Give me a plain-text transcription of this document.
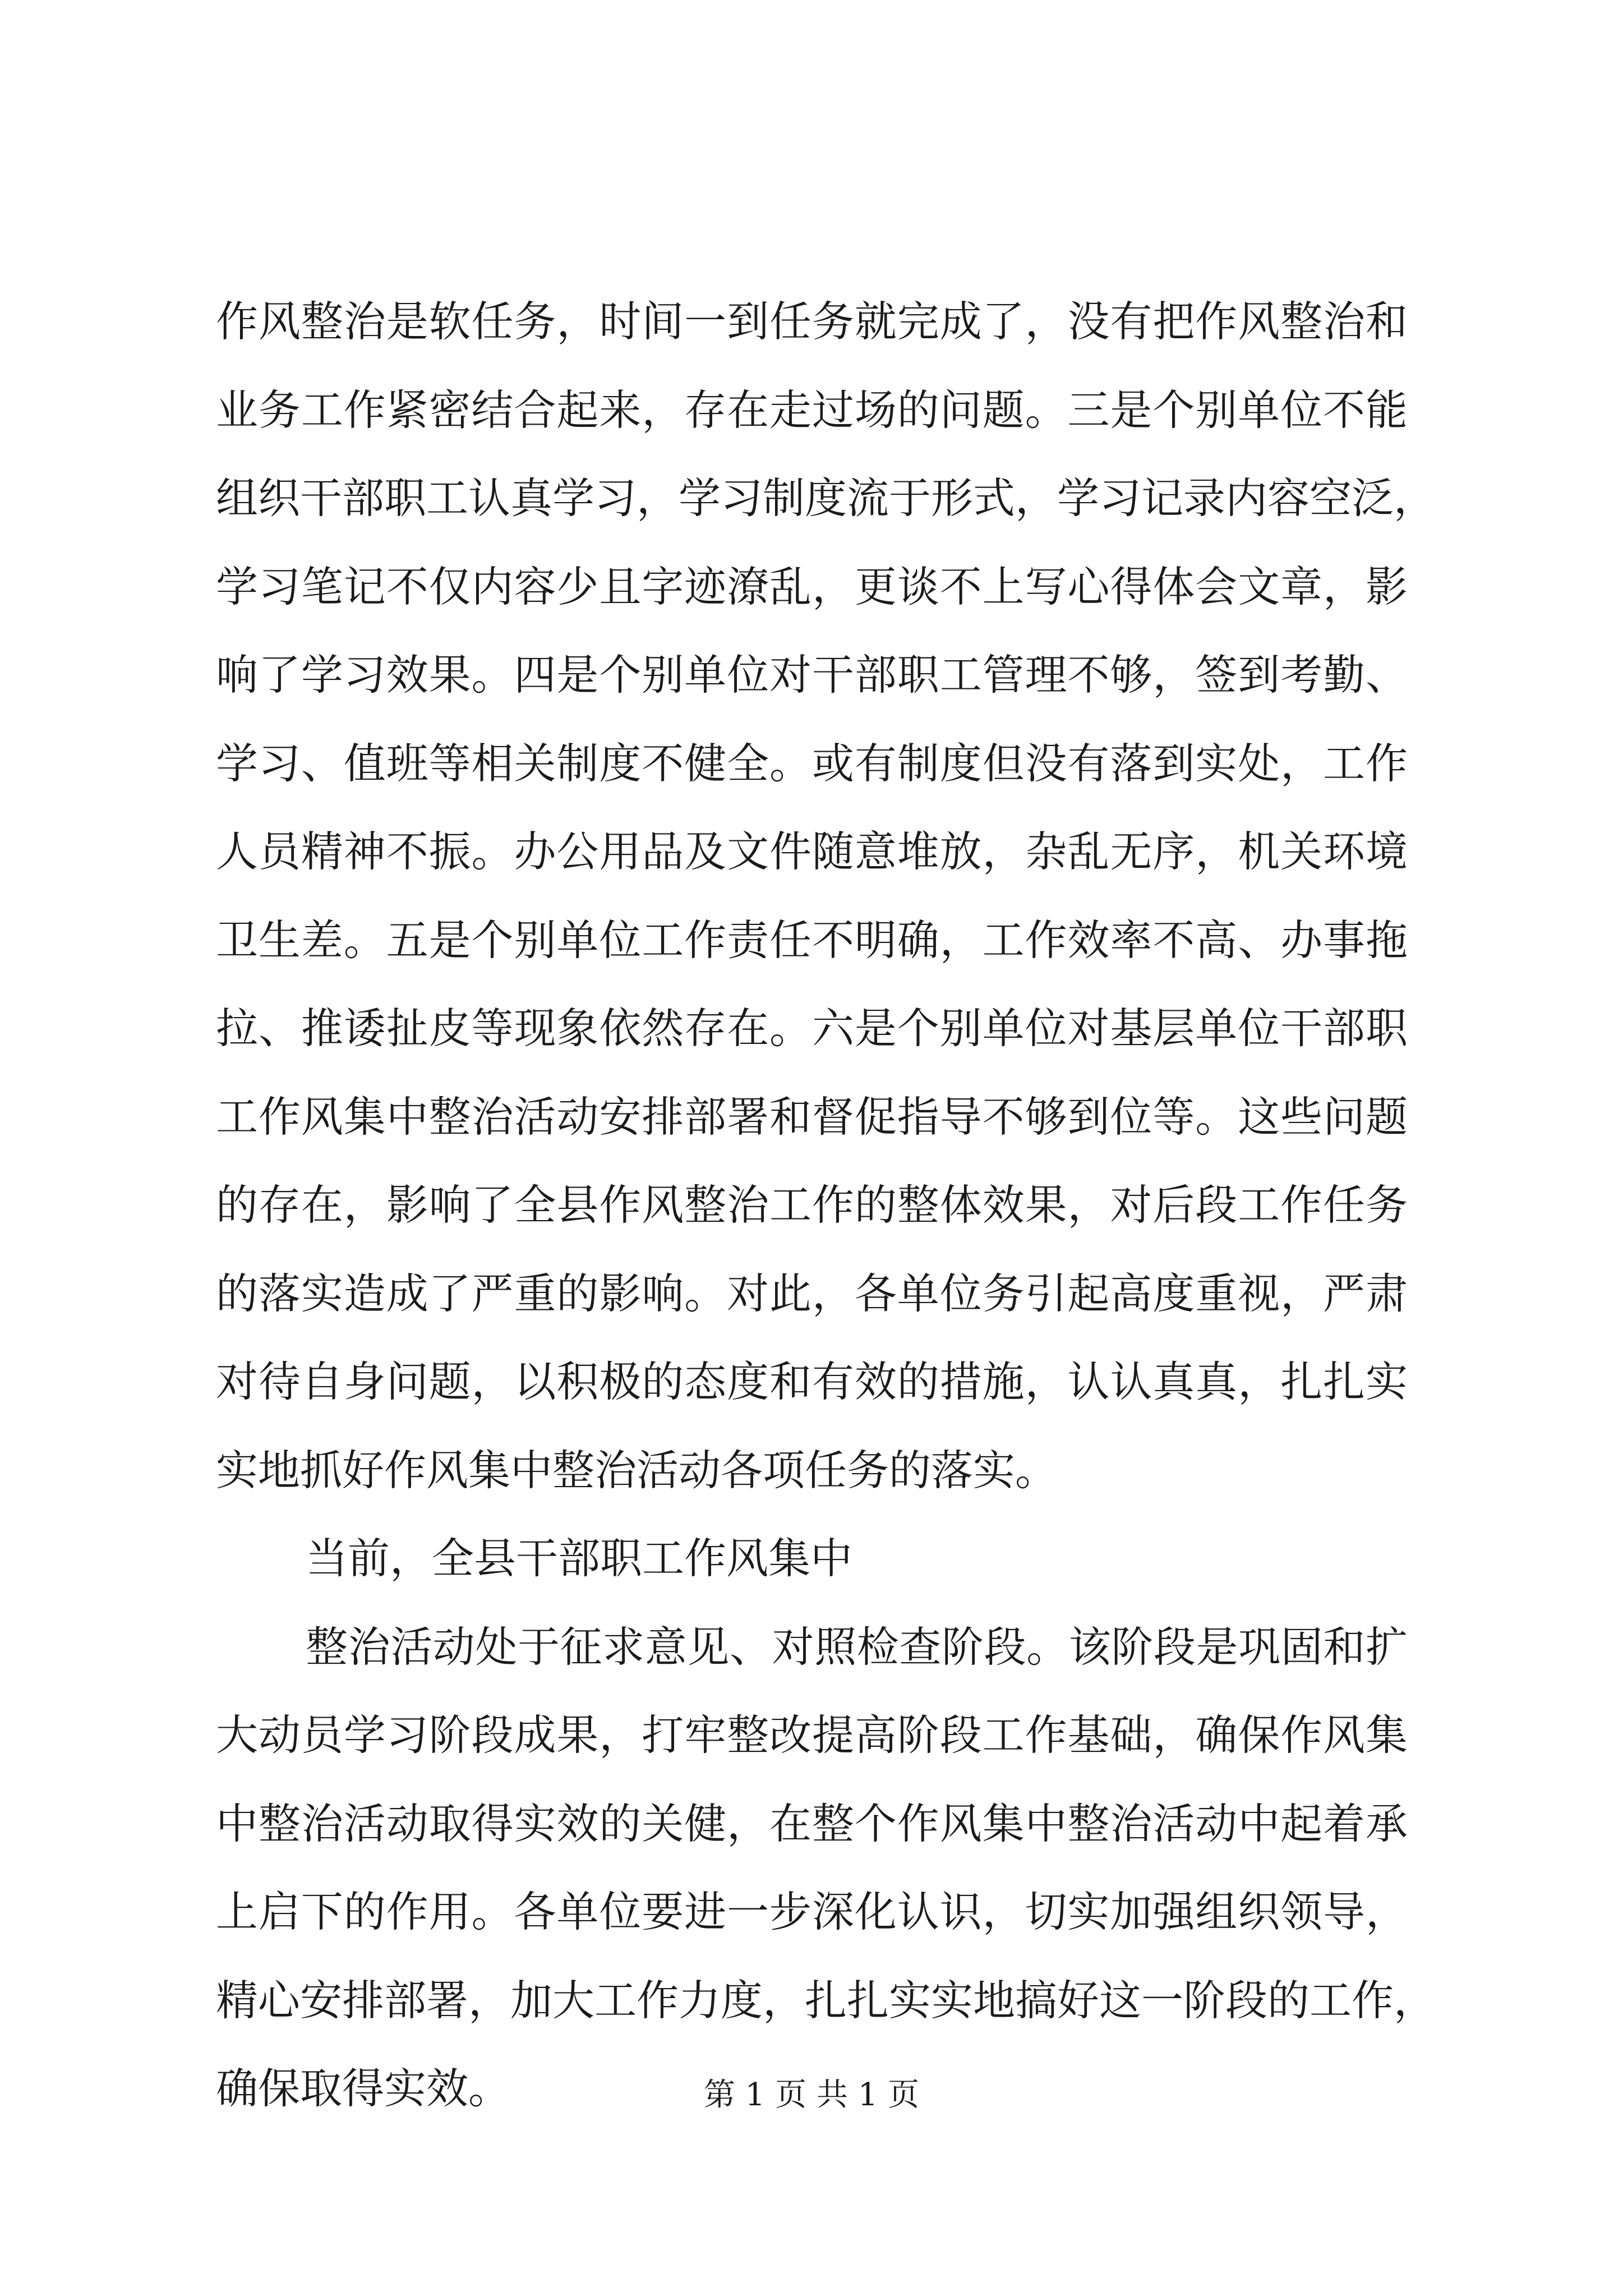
作风整治是软任务，时间一到任务就完成了，没有把作风整治和
业务工作紧密结合起来，存在走过场的问题。三是个别单位不能
组织干部职工认真学习，学习制度流于形式，学习记录内容空泛，
学习笔记不仅内容少且字迹潦乱，更谈不上写心得体会文章，影
响了学习效果。四是个别单位对干部职工管理不够，签到考勤、
学习、值班等相关制度不健全。或有制度但没有落到实处，工作
人员精神不振。办公用品及文件随意堆放，杂乱无序，机关环境
卫生差。五是个别单位工作责任不明确，工作效率不高、办事拖
拉、推诿扯皮等现象依然存在。六是个别单位对基层单位干部职
工作风集中整治活动安排部署和督促指导不够到位等。这些问题
的存在，影响了全县作风整治工作的整体效果，对后段工作任务
的落实造成了严重的影响。对此，各单位务引起高度重视，严肃
对待自身问题，以积极的态度和有效的措施，认认真真，扎扎实
实地抓好作风集中整治活动各项任务的落实。
当前，全县干部职工作风集中
整治活动处于征求意见、对照检查阶段。该阶段是巩固和扩
大动员学习阶段成果，打牢整改提高阶段工作基础，确保作风集
中整治活动取得实效的关健，在整个作风集中整治活动中起着承
上启下的作用。各单位要进一步深化认识，切实加强组织领导，
精心安排部署，加大工作力度，扎扎实实地搞好这一阶段的工作，
确保取得实效。	第 1 页 共 1 页
